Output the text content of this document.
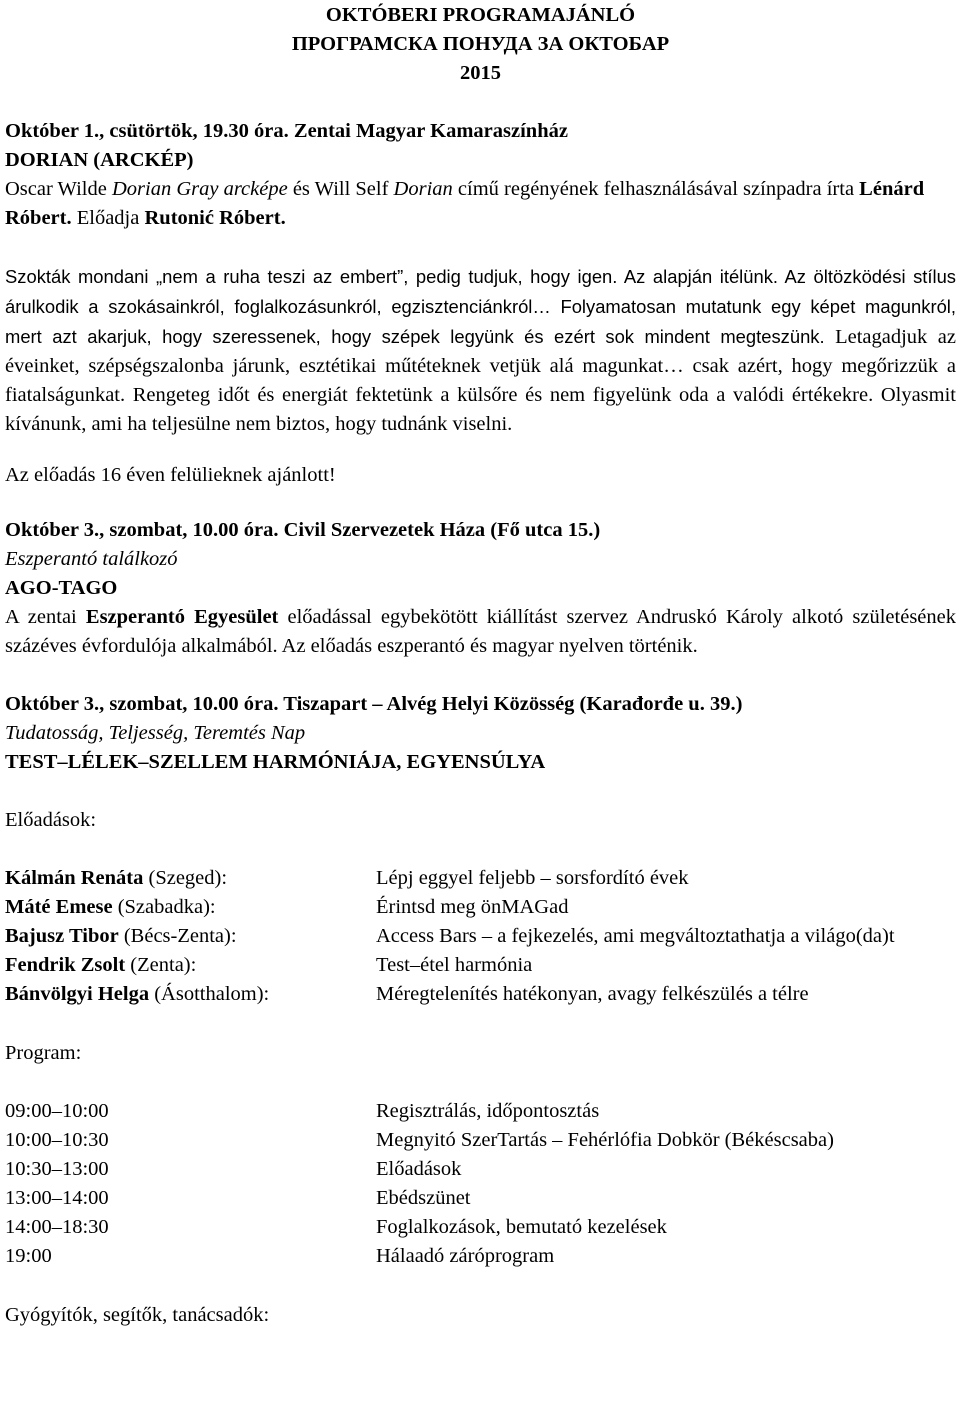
OKTÓBERI PROGRAMAJÁNLÓ
ПРОГРАМСКА ПОНУДА ЗА ОКТОБАР
2015

Október 1., csütörtök, 19.30 óra. Zentai Magyar Kamaraszínház

DORIAN (ARCKÉP)

Oscar Wilde Dorian Gray arcképe és Will Self Dorian című regényének felhasználásával színpadra írta Lénárd Róbert. Előadja Rutonić Róbert.

Szokták mondani „nem a ruha teszi az embert”, pedig tudjuk, hogy igen. Az alapján itélünk. Az öltözködési stílus árulkodik a szokásainkról, foglalkozásunkról, egzisztenciánkról… Folyamatosan mutatunk egy képet magunkról, mert azt akarjuk, hogy szeressenek, hogy szépek legyünk és ezért sok mindent megteszünk. Letagadjuk az éveinket, szépségszalonba járunk, esztétikai műtéteknek vetjük alá magunkat… csak azért, hogy megőrizzük a fiatalságunkat. Rengeteg időt és energiát fektetünk a külsőre és nem figyelünk oda a valódi értékekre. Olyasmit kívánunk, ami ha teljesülne nem biztos, hogy tudnánk viselni.

Az előadás 16 éven felülieknek ajánlott!

Október 3., szombat, 10.00 óra. Civil Szervezetek Háza (Fő utca 15.)

Eszperantó találkozó

AGO-TAGO

A zentai Eszperantó Egyesület előadással egybekötött kiállítást szervez Andruskó Károly alkotó születésének százéves évfordulója alkalmából. Az előadás eszperantó és magyar nyelven történik.

Október 3., szombat, 10.00 óra. Tiszapart – Alvég Helyi Közösség (Karađorđe u. 39.)

Tudatosság, Teljesség, Teremtés Nap

TEST–LÉLEK–SZELLEM HARMÓNIÁJA, EGYENSÚLYA

Előadások:

Kálmán Renáta (Szeged):	Lépj eggyel feljebb – sorsfordító évek
Máté Emese (Szabadka):	Érintsd meg önMAGad
Bajusz Tibor (Bécs-Zenta):	Access Bars – a fejkezelés, ami megváltoztathatja a világo(da)t
Fendrik Zsolt (Zenta):	Test–étel harmónia
Bánvölgyi Helga (Ásotthalom):	Méregtelenítés hatékonyan, avagy felkészülés a télre

Program:

09:00–10:00	Regisztrálás, időpontosztás
10:00–10:30	Megnyitó SzerTartás – Fehérlófia Dobkör (Békéscsaba)
10:30–13:00	Előadások
13:00–14:00	Ebédszünet
14:00–18:30	Foglalkozások, bemutató kezelések
19:00	Hálaadó záróprogram

Gyógyítók, segítők, tanácsadók:
